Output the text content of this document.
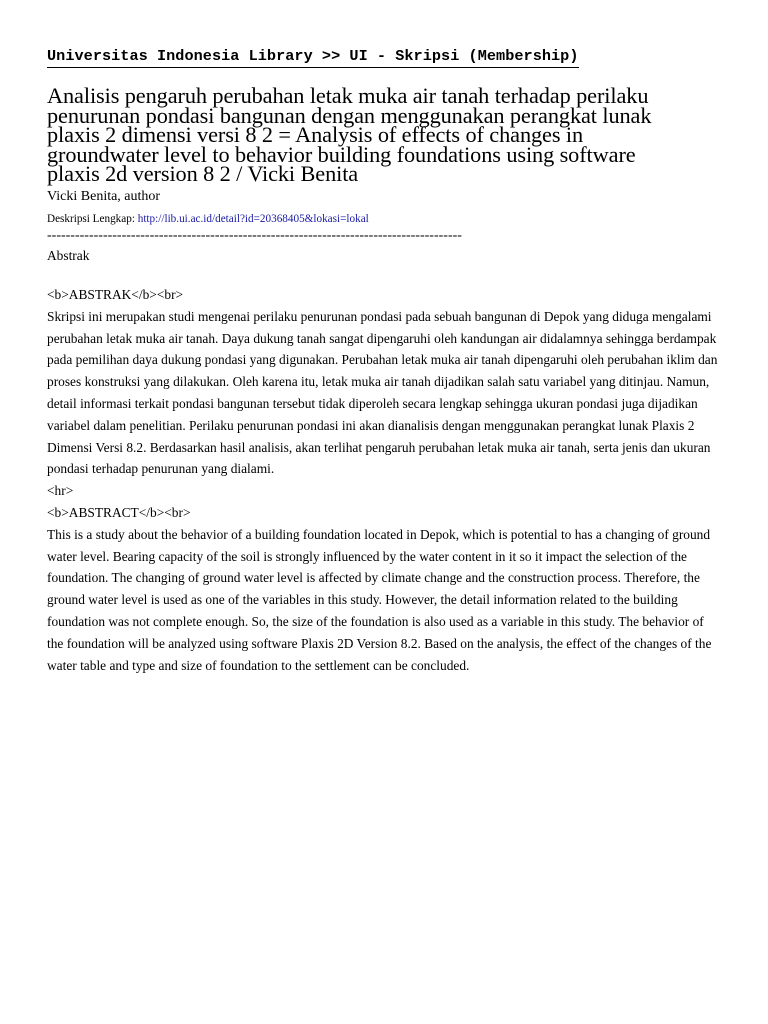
Universitas Indonesia Library >> UI - Skripsi (Membership)
Analisis pengaruh perubahan letak muka air tanah terhadap perilaku penurunan pondasi bangunan dengan menggunakan perangkat lunak plaxis 2 dimensi versi 8 2 = Analysis of effects of changes in groundwater level to behavior building foundations using software plaxis 2d version 8 2 / Vicki Benita
Vicki Benita, author
Deskripsi Lengkap: http://lib.ui.ac.id/detail?id=20368405&lokasi=lokal
-----------------------------------------------------------------------------------------
Abstrak

<b>ABSTRAK</b><br>

Skripsi ini merupakan studi mengenai perilaku penurunan pondasi pada sebuah bangunan di Depok yang diduga mengalami perubahan letak muka air tanah. Daya dukung tanah sangat dipengaruhi oleh kandungan air didalamnya sehingga berdampak pada pemilihan daya dukung pondasi yang digunakan. Perubahan letak muka air tanah dipengaruhi oleh perubahan iklim dan proses konstruksi yang dilakukan. Oleh karena itu, letak muka air tanah dijadikan salah satu variabel yang ditinjau. Namun, detail informasi terkait pondasi bangunan tersebut tidak diperoleh secara lengkap sehingga ukuran pondasi juga dijadikan variabel dalam penelitian. Perilaku penurunan pondasi ini akan dianalisis dengan menggunakan perangkat lunak Plaxis 2 Dimensi Versi 8.2. Berdasarkan hasil analisis, akan terlihat pengaruh perubahan letak muka air tanah, serta jenis dan ukuran pondasi terhadap penurunan yang dialami.

<hr>

<b>ABSTRACT</b><br>

This is a study about the behavior of a building foundation located in Depok, which is potential to has a changing of ground water level. Bearing capacity of the soil is strongly influenced by the water content in it so it impact the selection of the foundation. The changing of ground water level is affected by climate change and the construction process. Therefore, the ground water level is used as one of the variables in this study. However, the detail information related to the building foundation was not complete enough. So, the size of the foundation is also used as a variable in this study. The behavior of the foundation will be analyzed using software Plaxis 2D Version 8.2. Based on the analysis, the effect of the changes of the water table and type and size of foundation to the settlement can be concluded.
